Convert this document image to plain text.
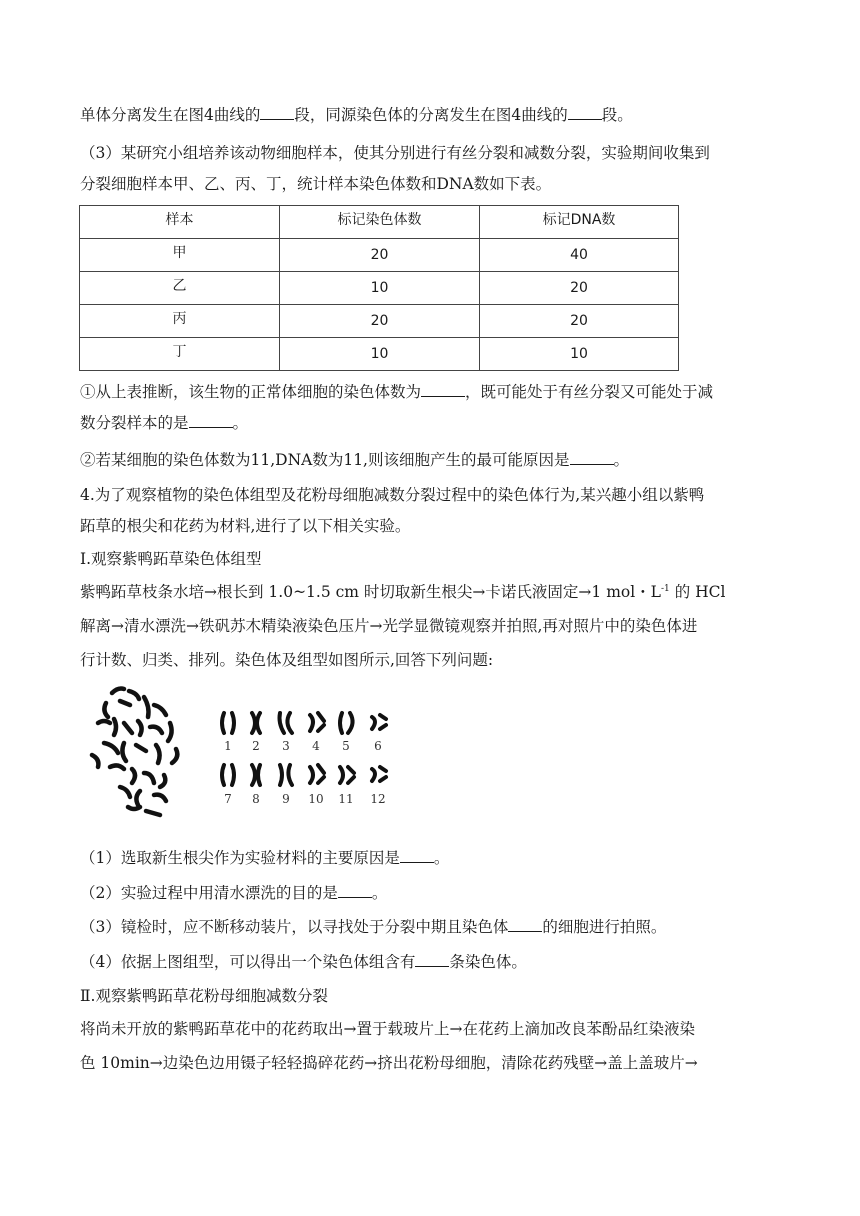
单体分离发生在图4曲线的 段，同源染色体的分离发生在图4曲线的 段。
（3）某研究小组培养该动物细胞样本，使其分别进行有丝分裂和减数分裂，实验期间收集到
分裂细胞样本甲、乙、丙、丁，统计样本染色体数和DNA数如下表。
样本	标记染色体数	标记DNA数
甲	20	40
乙	10	20
丙	20	20
丁	10	10
①从上表推断，该生物的正常体细胞的染色体数为	，既可能处于有丝分裂又可能处于减
数分裂样本的是	。
②若某细胞的染色体数为11,DNA数为11,则该细胞产生的最可能原因是	。
4.为了观察植物的染色体组型及花粉母细胞减数分裂过程中的染色体行为,某兴趣小组以紫鸭
跖草的根尖和花药为材料,进行了以下相关实验。
Ⅰ.观察紫鸭跖草染色体组型
紫鸭跖草枝条水培→根长到 1.0~1.5 cm 时切取新生根尖→卡诺氏液固定→1 mol・$L^{-1}$ 的 HCl
解离→清水漂洗→铁矾苏木精染液染色压片→光学显微镜观察并拍照,再对照片中的染色体进
行计数、归类、排列。染色体及组型如图所示,回答下列问题:
1 2 3 4 5 6
7 8 9 10 11 12
（1）选取新生根尖作为实验材料的主要原因是 。
（2）实验过程中用清水漂洗的目的是 。
（3）镜检时，应不断移动装片，以寻找处于分裂中期且染色体 的细胞进行拍照。
（4）依据上图组型，可以得出一个染色体组含有 条染色体。
Ⅱ.观察紫鸭跖草花粉母细胞减数分裂
将尚未开放的紫鸭跖草花中的花药取出→置于载玻片上→在花药上滴加改良苯酚品红染液染
色 10min→边染色边用镊子轻轻捣碎花药→挤出花粉母细胞，清除花药残壁→盖上盖玻片→
